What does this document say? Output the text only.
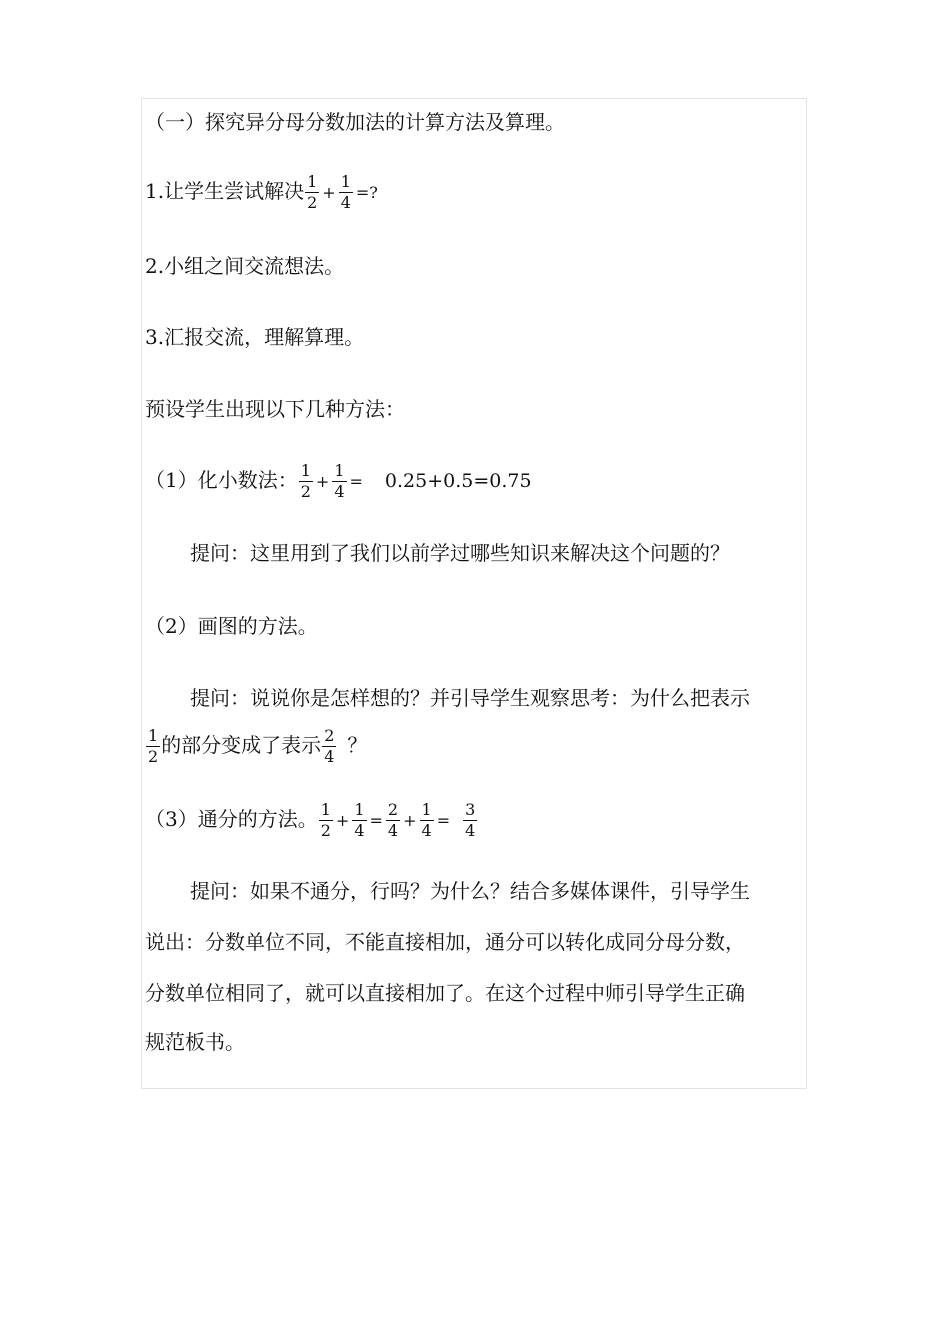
（一）探究异分母分数加法的计算方法及算理。
1.让学生尝试解决 $\frac{1}{2} + \frac{1}{4}$ =?
2.小组之间交流想法。
3.汇报交流，理解算理。
预设学生出现以下几种方法：
（1）化小数法： $\frac{1}{2} + \frac{1}{4} = 0.25+0.5=0.75$
提问：这里用到了我们以前学过哪些知识来解决这个问题的？
（2）画图的方法。
提问：说说你是怎样想的？并引导学生观察思考：为什么把表示
$\frac{1}{2}$ 的部分变成了表示 $\frac{2}{4}$ ？
（3）通分的方法。 $\frac{1}{2} + \frac{1}{4} = \frac{2}{4} + \frac{1}{4} = \frac{3}{4}$
提问：如果不通分，行吗？为什么？结合多媒体课件，引导学生
说出：分数单位不同，不能直接相加，通分可以转化成同分母分数，
分数单位相同了，就可以直接相加了。在这个过程中师引导学生正确
规范板书。
